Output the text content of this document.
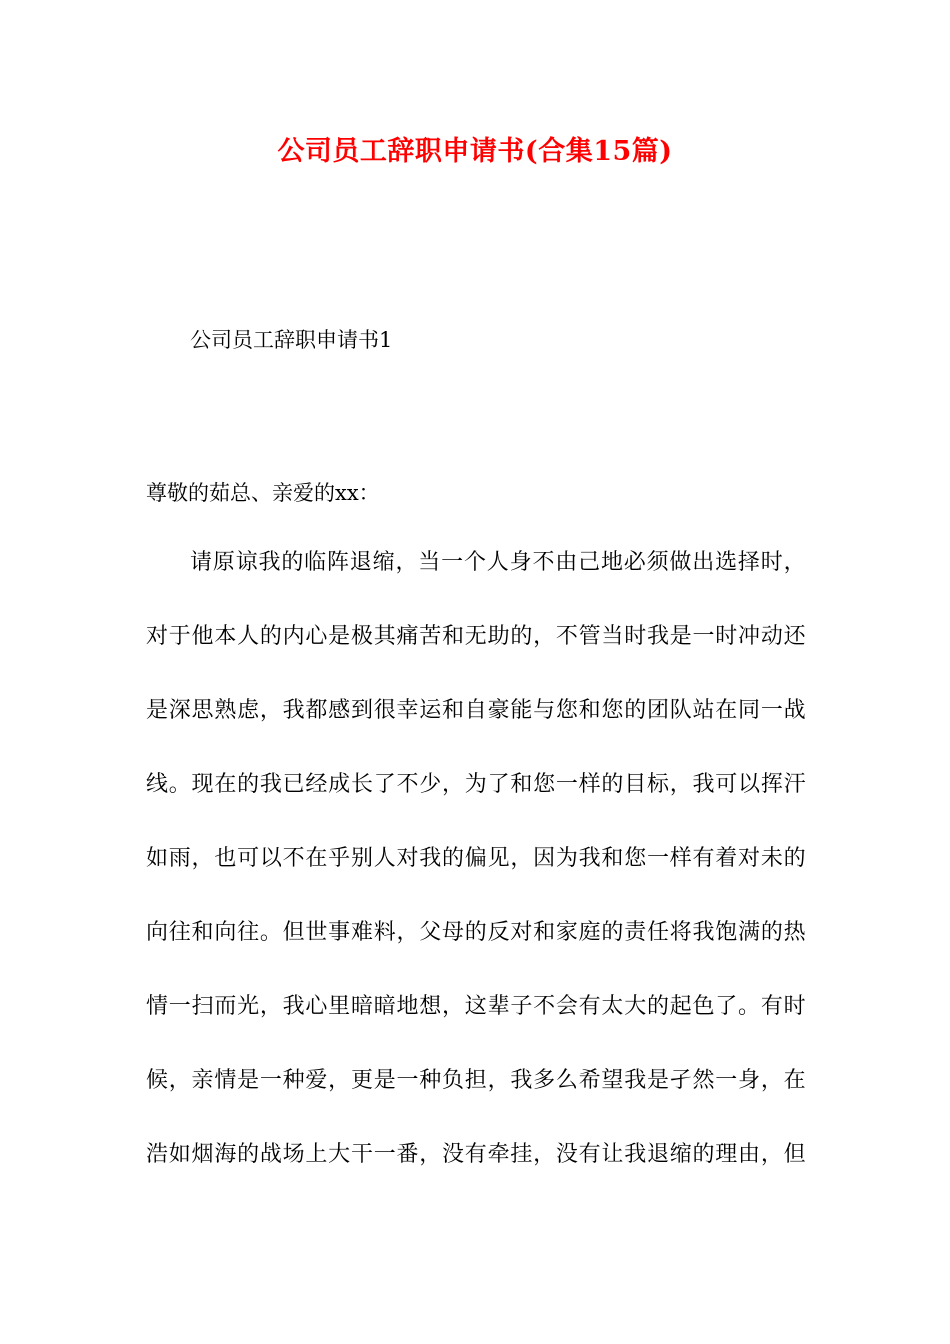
公司员工辞职申请书(合集15篇)
公司员工辞职申请书1
尊敬的茹总、亲爱的xx：
请原谅我的临阵退缩，当一个人身不由己地必须做出选择时，
对于他本人的内心是极其痛苦和无助的，不管当时我是一时冲动还
是深思熟虑，我都感到很幸运和自豪能与您和您的团队站在同一战
线。现在的我已经成长了不少，为了和您一样的目标，我可以挥汗
如雨，也可以不在乎别人对我的偏见，因为我和您一样有着对未的
向往和向往。但世事难料，父母的反对和家庭的责任将我饱满的热
情一扫而光，我心里暗暗地想，这辈子不会有太大的起色了。有时
候，亲情是一种爱，更是一种负担，我多么希望我是孑然一身，在
浩如烟海的战场上大干一番，没有牵挂，没有让我退缩的理由，但
